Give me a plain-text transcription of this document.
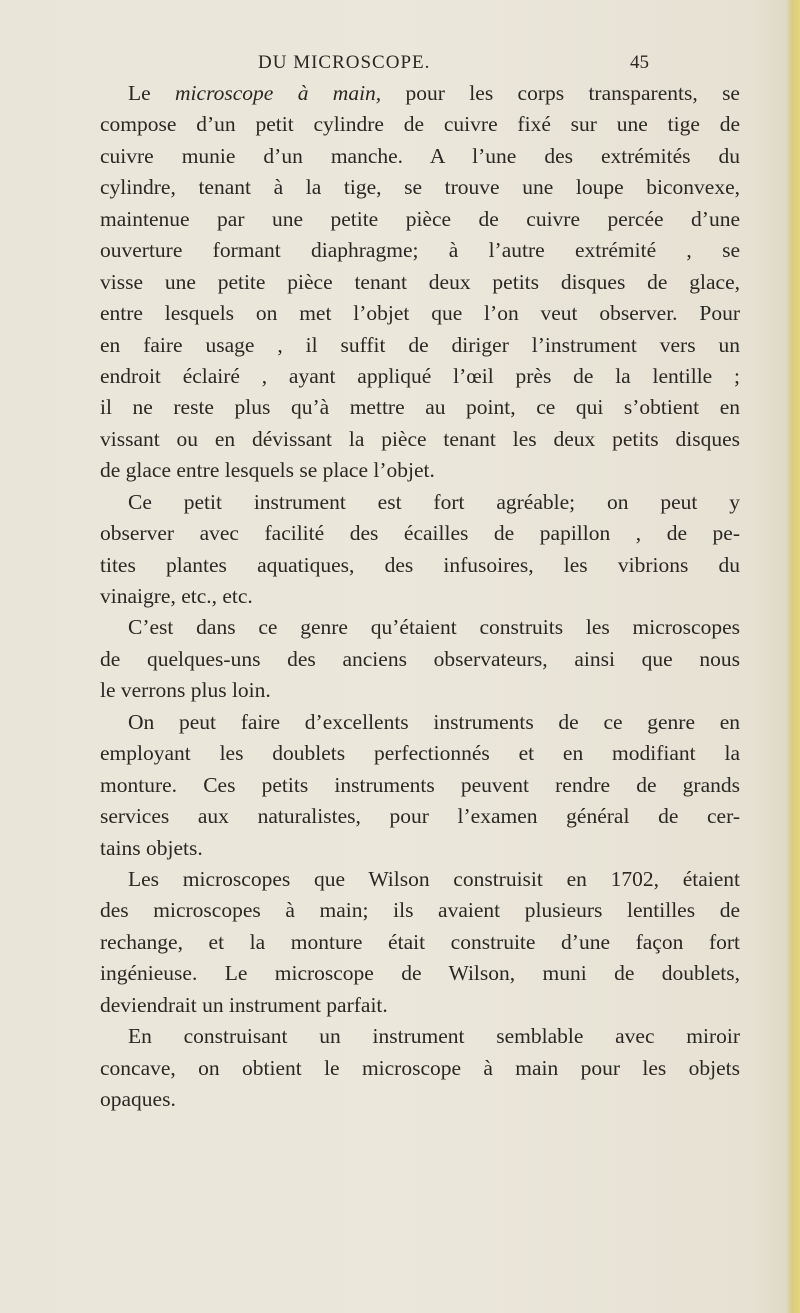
DU MICROSCOPE.	45
Le microscope à main, pour les corps transparents, se
compose d’un petit cylindre de cuivre fixé sur une tige de
cuivre munie d’un manche. A l’une des extrémités du
cylindre, tenant à la tige, se trouve une loupe biconvexe,
maintenue par une petite pièce de cuivre percée d’une
ouverture formant diaphragme; à l’autre extrémité , se
visse une petite pièce tenant deux petits disques de glace,
entre lesquels on met l’objet que l’on veut observer. Pour
en faire usage , il suffit de diriger l’instrument vers un
endroit éclairé , ayant appliqué l’œil près de la lentille ;
il ne reste plus qu’à mettre au point, ce qui s’obtient en
vissant ou en dévissant la pièce tenant les deux petits disques
de glace entre lesquels se place l’objet.
Ce petit instrument est fort agréable; on peut y
observer avec facilité des écailles de papillon , de pe-
tites plantes aquatiques, des infusoires, les vibrions du
vinaigre, etc., etc.
C’est dans ce genre qu’étaient construits les microscopes
de quelques-uns des anciens observateurs, ainsi que nous
le verrons plus loin.
On peut faire d’excellents instruments de ce genre en
employant les doublets perfectionnés et en modifiant la
monture. Ces petits instruments peuvent rendre de grands
services aux naturalistes, pour l’examen général de cer-
tains objets.
Les microscopes que Wilson construisit en 1702, étaient
des microscopes à main; ils avaient plusieurs lentilles de
rechange, et la monture était construite d’une façon fort
ingénieuse. Le microscope de Wilson, muni de doublets,
deviendrait un instrument parfait.
En construisant un instrument semblable avec miroir
concave, on obtient le microscope à main pour les objets
opaques.
